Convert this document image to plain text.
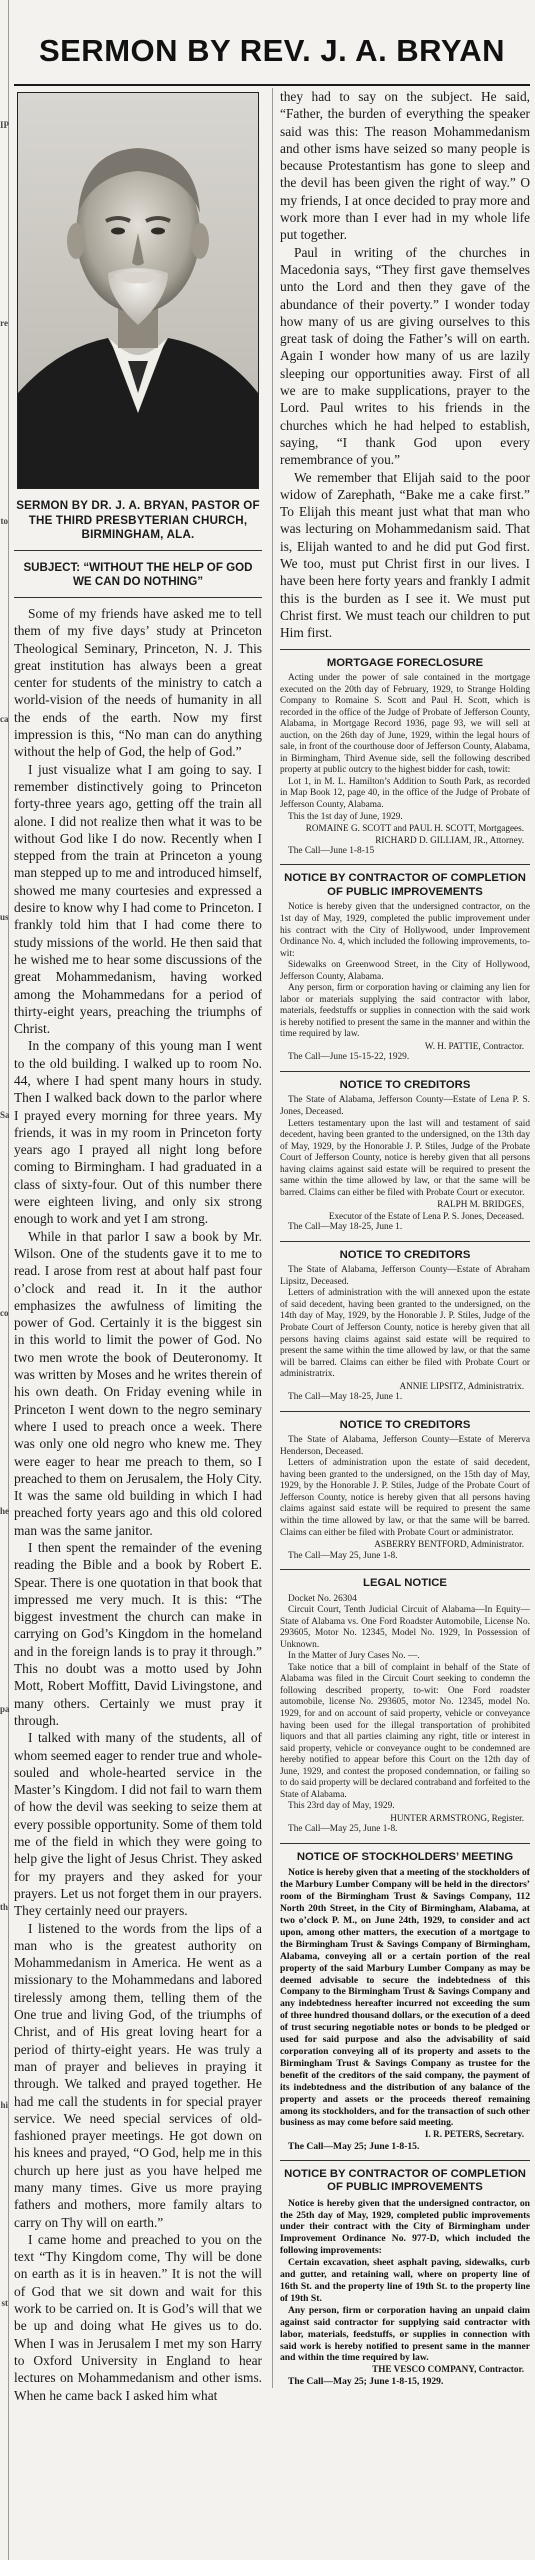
IP
re
to
ca
us
Sa
co
he
pa
th
hi
st
SERMON BY REV. J. A. BRYAN
SERMON BY DR. J. A. BRYAN, PASTOR OF THE THIRD PRESBYTERIAN CHURCH, BIRMINGHAM, ALA.
SUBJECT: “WITHOUT THE HELP OF GOD WE CAN DO NOTHING”

Some of my friends have asked me to tell them of my five days’ study at Princeton Theological Seminary, Princeton, N. J. This great institution has always been a great center for students of the ministry to catch a world-vision of the needs of humanity in all the ends of the earth. Now my first impression is this, “No man can do anything without the help of God, the help of God.”

I just visualize what I am going to say. I remember distinctively going to Princeton forty-three years ago, getting off the train all alone. I did not realize then what it was to be without God like I do now. Recently when I stepped from the train at Princeton a young man stepped up to me and introduced himself, showed me many courtesies and expressed a desire to know why I had come to Princeton. I frankly told him that I had come there to study missions of the world. He then said that he wished me to hear some discussions of the great Mohammedanism, having worked among the Mohammedans for a period of thirty-eight years, preaching the triumphs of Christ.

In the company of this young man I went to the old building. I walked up to room No. 44, where I had spent many hours in study. Then I walked back down to the parlor where I prayed every morning for three years. My friends, it was in my room in Princeton forty years ago I prayed all night long before coming to Birmingham. I had graduated in a class of sixty-four. Out of this number there were eighteen living, and only six strong enough to work and yet I am strong.

While in that parlor I saw a book by Mr. Wilson. One of the students gave it to me to read. I arose from rest at about half past four o’clock and read it. In it the author emphasizes the awfulness of limiting the power of God. Certainly it is the biggest sin in this world to limit the power of God. No two men wrote the book of Deuteronomy. It was written by Moses and he writes therein of his own death. On Friday evening while in Princeton I went down to the negro seminary where I used to preach once a week. There was only one old negro who knew me. They were eager to hear me preach to them, so I preached to them on Jerusalem, the Holy City. It was the same old building in which I had preached forty years ago and this old colored man was the same janitor.

I then spent the remainder of the evening reading the Bible and a book by Robert E. Spear. There is one quotation in that book that impressed me very much. It is this: “The biggest investment the church can make in carrying on God’s Kingdom in the homeland and in the foreign lands is to pray it through.” This no doubt was a motto used by John Mott, Robert Moffitt, David Livingstone, and many others. Certainly we must pray it through.

I talked with many of the students, all of whom seemed eager to render true and whole-souled and whole-hearted service in the Master’s Kingdom. I did not fail to warn them of how the devil was seeking to seize them at every possible opportunity. Some of them told me of the field in which they were going to help give the light of Jesus Christ. They asked for my prayers and they asked for your prayers. Let us not forget them in our prayers. They certainly need our prayers.

I listened to the words from the lips of a man who is the greatest authority on Mohammedanism in America. He went as a missionary to the Mohammedans and labored tirelessly among them, telling them of the One true and living God, of the triumphs of Christ, and of His great loving heart for a period of thirty-eight years. He was truly a man of prayer and believes in praying it through. We talked and prayed together. He had me call the students in for special prayer service. We need special services of old-fashioned prayer meetings. He got down on his knees and prayed, “O God, help me in this church up here just as you have helped me many many times. Give us more praying fathers and mothers, more family altars to carry on Thy will on earth.”

I came home and preached to you on the text “Thy Kingdom come, Thy will be done on earth as it is in heaven.” It is not the will of God that we sit down and wait for this work to be carried on. It is God’s will that we be up and doing what He gives us to do. When I was in Jerusalem I met my son Harry to Oxford University in England to hear lectures on Mohammedanism and other isms. When he came back I asked him what

they had to say on the subject. He said, “Father, the burden of everything the speaker said was this: The reason Mohammedanism and other isms have seized so many people is because Protestantism has gone to sleep and the devil has been given the right of way.” O my friends, I at once decided to pray more and work more than I ever had in my whole life put together.

Paul in writing of the churches in Macedonia says, “They first gave themselves unto the Lord and then they gave of the abundance of their poverty.” I wonder today how many of us are giving ourselves to this great task of doing the Father’s will on earth. Again I wonder how many of us are lazily sleeping our opportunities away. First of all we are to make supplications, prayer to the Lord. Paul writes to his friends in the churches which he had helped to establish, saying, “I thank God upon every remembrance of you.”

We remember that Elijah said to the poor widow of Zarephath, “Bake me a cake first.” To Elijah this meant just what that man who was lecturing on Mohammedanism said. That is, Elijah wanted to and he did put God first. We too, must put Christ first in our lives. I have been here forty years and frankly I admit this is the burden as I see it. We must put Christ first. We must teach our children to put Him first.

MORTGAGE FORECLOSURE

Acting under the power of sale contained in the mortgage executed on the 20th day of February, 1929, to Strange Holding Company to Romaine S. Scott and Paul H. Scott, which is recorded in the office of the Judge of Probate of Jefferson County, Alabama, in Mortgage Record 1936, page 93, we will sell at auction, on the 26th day of June, 1929, within the legal hours of sale, in front of the courthouse door of Jefferson County, Alabama, in Birmingham, Third Avenue side, sell the following described property at public outcry to the highest bidder for cash, towit:

Lot 1, in M. L. Hamilton’s Addition to South Park, as recorded in Map Book 12, page 40, in the office of the Judge of Probate of Jefferson County, Alabama.

This the 1st day of June, 1929.

ROMAINE G. SCOTT and PAUL H. SCOTT, Mortgagees.
RICHARD D. GILLIAM, JR., Attorney.

The Call—June 1-8-15

NOTICE BY CONTRACTOR OF COMPLETION OF PUBLIC IMPROVEMENTS

Notice is hereby given that the undersigned contractor, on the 1st day of May, 1929, completed the public improvement under his contract with the City of Hollywood, under Improvement Ordinance No. 4, which included the following improvements, to-wit:

Sidewalks on Greenwood Street, in the City of Hollywood, Jefferson County, Alabama.

Any person, firm or corporation having or claiming any lien for labor or materials supplying the said contractor with labor, materials, feedstuffs or supplies in connection with the said work is hereby notified to present the same in the manner and within the time required by law.

W. H. PATTIE, Contractor.

The Call—June 15-15-22, 1929.

NOTICE TO CREDITORS

The State of Alabama, Jefferson County—Estate of Lena P. S. Jones, Deceased.

Letters testamentary upon the last will and testament of said decedent, having been granted to the undersigned, on the 13th day of May, 1929, by the Honorable J. P. Stiles, Judge of the Probate Court of Jefferson County, notice is hereby given that all persons having claims against said estate will be required to present the same within the time allowed by law, or that the same will be barred. Claims can either be filed with Probate Court or executor.

RALPH M. BRIDGES,
Executor of the Estate of Lena P. S. Jones, Deceased.

The Call—May 18-25, June 1.

NOTICE TO CREDITORS

The State of Alabama, Jefferson County—Estate of Abraham Lipsitz, Deceased.

Letters of administration with the will annexed upon the estate of said decedent, having been granted to the undersigned, on the 14th day of May, 1929, by the Honorable J. P. Stiles, Judge of the Probate Court of Jefferson County, notice is hereby given that all persons having claims against said estate will be required to present the same within the time allowed by law, or that the same will be barred. Claims can either be filed with Probate Court or administratrix.

ANNIE LIPSITZ, Administratrix.

The Call—May 18-25, June 1.

NOTICE TO CREDITORS

The State of Alabama, Jefferson County—Estate of Mererva Henderson, Deceased.

Letters of administration upon the estate of said decedent, having been granted to the undersigned, on the 15th day of May, 1929, by the Honorable J. P. Stiles, Judge of the Probate Court of Jefferson County, notice is hereby given that all persons having claims against said estate will be required to present the same within the time allowed by law, or that the same will be barred. Claims can either be filed with Probate Court or administrator.

ASBERRY BENTFORD, Administrator.

The Call—May 25, June 1-8.

LEGAL NOTICE

Docket No. 26304

Circuit Court, Tenth Judicial Circuit of Alabama—In Equity—State of Alabama vs. One Ford Roadster Automobile, License No. 293605, Motor No. 12345, Model No. 1929, In Possession of Unknown.

In the Matter of Jury Cases No. —.

Take notice that a bill of complaint in behalf of the State of Alabama was filed in the Circuit Court seeking to condemn the following described property, to-wit: One Ford roadster automobile, license No. 293605, motor No. 12345, model No. 1929, for and on account of said property, vehicle or conveyance having been used for the illegal transportation of prohibited liquors and that all parties claiming any right, title or interest in said property, vehicle or conveyance ought to be condemned are hereby notified to appear before this Court on the 12th day of June, 1929, and contest the proposed condemnation, or failing so to do said property will be declared contraband and forfeited to the State of Alabama.

This 23rd day of May, 1929.

HUNTER ARMSTRONG, Register.

The Call—May 25, June 1-8.

NOTICE OF STOCKHOLDERS’ MEETING

Notice is hereby given that a meeting of the stockholders of the Marbury Lumber Company will be held in the directors’ room of the Birmingham Trust & Savings Company, 112 North 20th Street, in the City of Birmingham, Alabama, at two o’clock P. M., on June 24th, 1929, to consider and act upon, among other matters, the execution of a mortgage to the Birmingham Trust & Savings Company of Birmingham, Alabama, conveying all or a certain portion of the real property of the said Marbury Lumber Company as may be deemed advisable to secure the indebtedness of this Company to the Birmingham Trust & Savings Company and any indebtedness hereafter incurred not exceeding the sum of three hundred thousand dollars, or the execution of a deed of trust securing negotiable notes or bonds to be pledged or used for said purpose and also the advisability of said corporation conveying all of its property and assets to the Birmingham Trust & Savings Company as trustee for the benefit of the creditors of the said company, the payment of its indebtedness and the distribution of any balance of the property and assets or the proceeds thereof remaining among its stockholders, and for the transaction of such other business as may come before said meeting.

I. R. PETERS, Secretary.

The Call—May 25; June 1-8-15.

NOTICE BY CONTRACTOR OF COMPLETION OF PUBLIC IMPROVEMENTS

Notice is hereby given that the undersigned contractor, on the 25th day of May, 1929, completed public improvements under their contract with the City of Birmingham under Improvement Ordinance No. 977-D, which included the following improvements:

Certain excavation, sheet asphalt paving, sidewalks, curb and gutter, and retaining wall, where on property line of 16th St. and the property line of 19th St. to the property line of 19th St.

Any person, firm or corporation having an unpaid claim against said contractor for supplying said contractor with labor, materials, feedstuffs, or supplies in connection with said work is hereby notified to present same in the manner and within the time required by law.

THE VESCO COMPANY, Contractor.

The Call—May 25; June 1-8-15, 1929.
